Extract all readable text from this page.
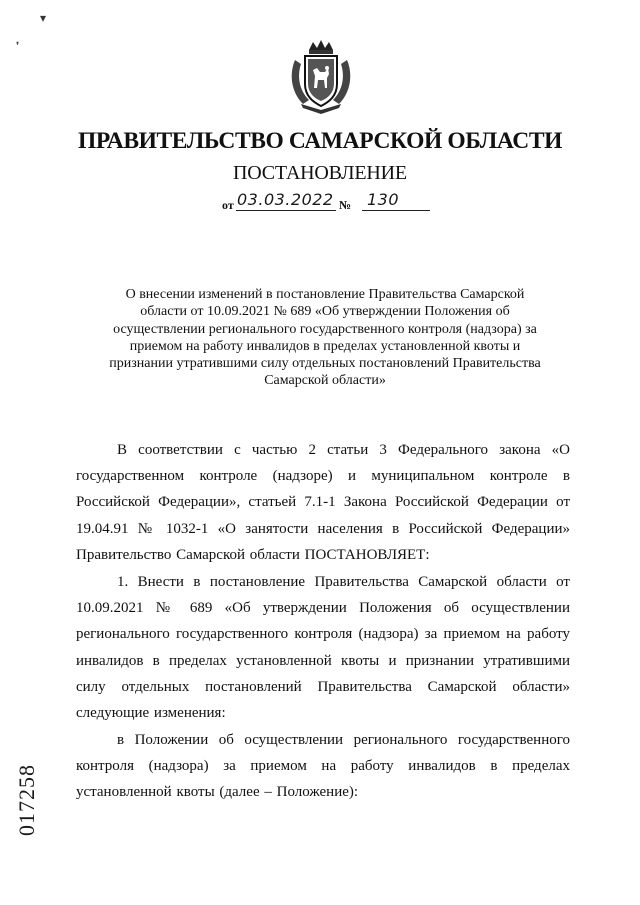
▾
❜
ПРАВИТЕЛЬСТВО САМАРСКОЙ ОБЛАСТИ
ПОСТАНОВЛЕНИЕ
от 03.03.2022 № 130
О внесении изменений в постановление Правительства Самарской области от 10.09.2021 № 689 «Об утверждении Положения об осуществлении регионального государственного контроля (надзора) за приемом на работу инвалидов в пределах установленной квоты и признании утратившими силу отдельных постановлений Правительства Самарской области»

В соответствии с частью 2 статьи 3 Федерального закона «О государственном контроле (надзоре) и муниципальном контроле в Российской Федерации», статьей 7.1-1 Закона Российской Федерации от 19.04.91 № 1032-1 «О занятости населения в Российской Федерации» Правительство Самарской области ПОСТАНОВЛЯЕТ:

1. Внести в постановление Правительства Самарской области от 10.09.2021 № 689 «Об утверждении Положения об осуществлении регионального государственного контроля (надзора) за приемом на работу инвалидов в пределах установленной квоты и признании утратившими силу отдельных постановлений Правительства Самарской области» следующие изменения:

в Положении об осуществлении регионального государственного контроля (надзора) за приемом на работу инвалидов в пределах установленной квоты (далее – Положение):

017258
